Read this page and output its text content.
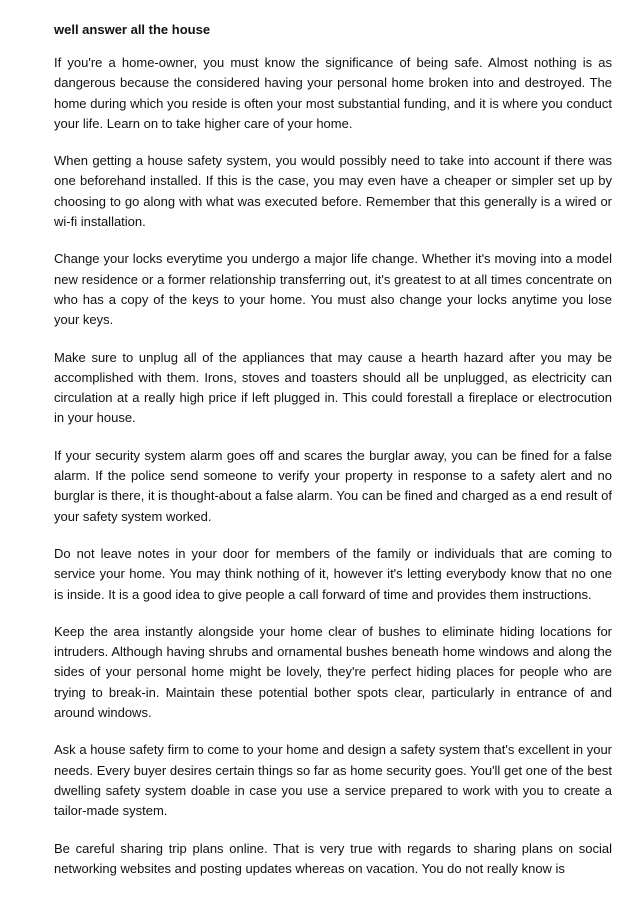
well answer all the house

If you're a home-owner, you must know the significance of being safe. Almost nothing is as dangerous because the considered having your personal home broken into and destroyed. The home during which you reside is often your most substantial funding, and it is where you conduct your life. Learn on to take higher care of your home.

When getting a house safety system, you would possibly need to take into account if there was one beforehand installed. If this is the case, you may even have a cheaper or simpler set up by choosing to go along with what was executed before. Remember that this generally is a wired or wi-fi installation.

Change your locks everytime you undergo a major life change. Whether it's moving into a model new residence or a former relationship transferring out, it's greatest to at all times concentrate on who has a copy of the keys to your home. You must also change your locks anytime you lose your keys.

Make sure to unplug all of the appliances that may cause a hearth hazard after you may be accomplished with them. Irons, stoves and toasters should all be unplugged, as electricity can circulation at a really high price if left plugged in. This could forestall a fireplace or electrocution in your house.

If your security system alarm goes off and scares the burglar away, you can be fined for a false alarm. If the police send someone to verify your property in response to a safety alert and no burglar is there, it is thought-about a false alarm. You can be fined and charged as a end result of your safety system worked.

Do not leave notes in your door for members of the family or individuals that are coming to service your home. You may think nothing of it, however it's letting everybody know that no one is inside. It is a good idea to give people a call forward of time and provides them instructions.

Keep the area instantly alongside your home clear of bushes to eliminate hiding locations for intruders. Although having shrubs and ornamental bushes beneath home windows and along the sides of your personal home might be lovely, they're perfect hiding places for people who are trying to break-in. Maintain these potential bother spots clear, particularly in entrance of and around windows.

Ask a house safety firm to come to your home and design a safety system that's excellent in your needs. Every buyer desires certain things so far as home security goes. You'll get one of the best dwelling safety system doable in case you use a service prepared to work with you to create a tailor-made system.

Be careful sharing trip plans online. That is very true with regards to sharing plans on social networking websites and posting updates whereas on vacation. You do not really know is
